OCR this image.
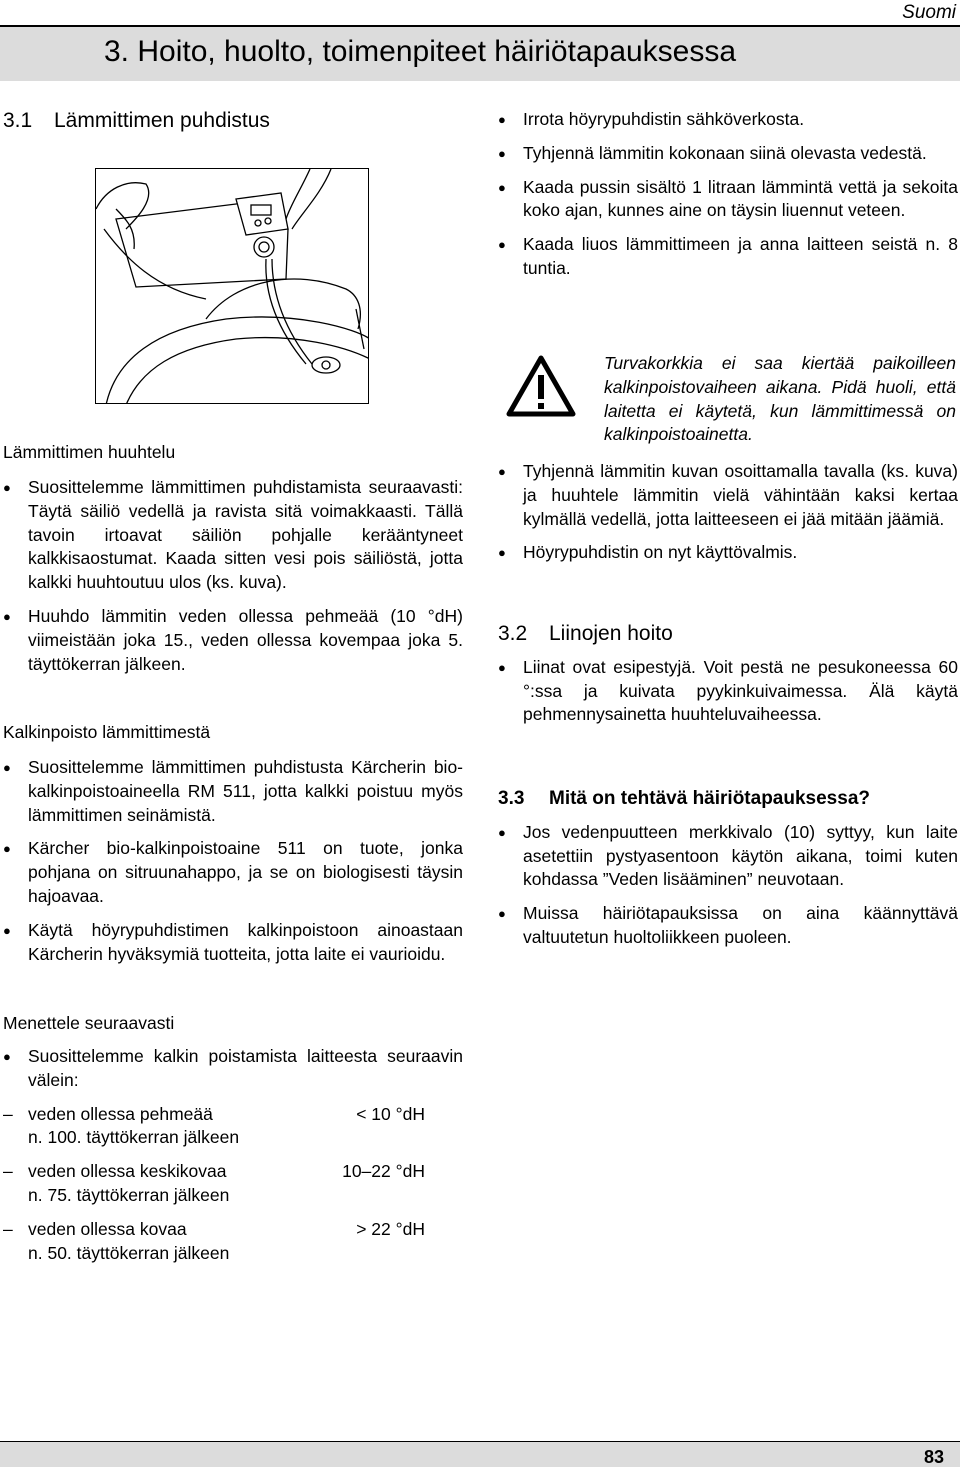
Suomi
3. Hoito, huolto, toimenpiteet häiriötapauksessa
3.1 Lämmittimen puhdistus
Lämmittimen huuhtelu
● Suosittelemme lämmittimen puhdistamista seuraavasti: Täytä säiliö vedellä ja ravista sitä voimakkaasti. Tällä tavoin irtoavat säiliön pohjalle kerääntyneet kalkkisaostumat. Kaada sitten vesi pois säiliöstä, jotta kalkki huuhtoutuu ulos (ks. kuva).
● Huuhdo lämmitin veden ollessa pehmeää (10 °dH) viimeistään joka 15., veden ollessa kovempaa joka 5. täyttökerran jälkeen.
Kalkinpoisto lämmittimestä
● Suosittelemme lämmittimen puhdistusta Kärcherin bio-kalkinpoistoaineella RM 511, jotta kalkki poistuu myös lämmittimen seinämistä.
● Kärcher bio-kalkinpoistoaine 511 on tuote, jonka pohjana on sitruunahappo, ja se on biologisesti täysin hajoavaa.
● Käytä höyrypuhdistimen kalkinpoistoon ainoastaan Kärcherin hyväksymiä tuotteita, jotta laite ei vaurioidu.
Menettele seuraavasti
● Suosittelemme kalkin poistamista laitteesta seuraavin välein:
– veden ollessa pehmeää	< 10 °dH
n. 100. täyttökerran jälkeen
– veden ollessa keskikovaa	10–22 °dH
n. 75. täyttökerran jälkeen
– veden ollessa kovaa	> 22 °dH
n. 50. täyttökerran jälkeen
● Irrota höyrypuhdistin sähköverkosta.
● Tyhjennä lämmitin kokonaan siinä olevasta vedestä.
● Kaada pussin sisältö 1 litraan lämmintä vettä ja sekoita koko ajan, kunnes aine on täysin liuennut veteen.
● Kaada liuos lämmittimeen ja anna laitteen seistä n. 8 tuntia.
Turvakorkkia ei saa kiertää paikoilleen kalkinpoistovaiheen aikana. Pidä huoli, että laitetta ei käytetä, kun lämmittimessä on kalkinpoistoainetta.
● Tyhjennä lämmitin kuvan osoittamalla tavalla (ks. kuva) ja huuhtele lämmitin vielä vähintään kaksi kertaa kylmällä vedellä, jotta laitteeseen ei jää mitään jäämiä.
● Höyrypuhdistin on nyt käyttövalmis.
3.2 Liinojen hoito
● Liinat ovat esipestyjä. Voit pestä ne pesukoneessa 60 °:ssa ja kuivata pyykinkuivaimessa. Älä käytä pehmennysainetta huuhteluvaiheessa.
3.3 Mitä on tehtävä häiriötapauksessa?
● Jos vedenpuutteen merkkivalo (10) syttyy, kun laite asetettiin pystyasentoon käytön aikana, toimi kuten kohdassa ”Veden lisääminen” neuvotaan.
● Muissa häiriötapauksissa on aina käännyttävä valtuutetun huoltoliikkeen puoleen.
83
